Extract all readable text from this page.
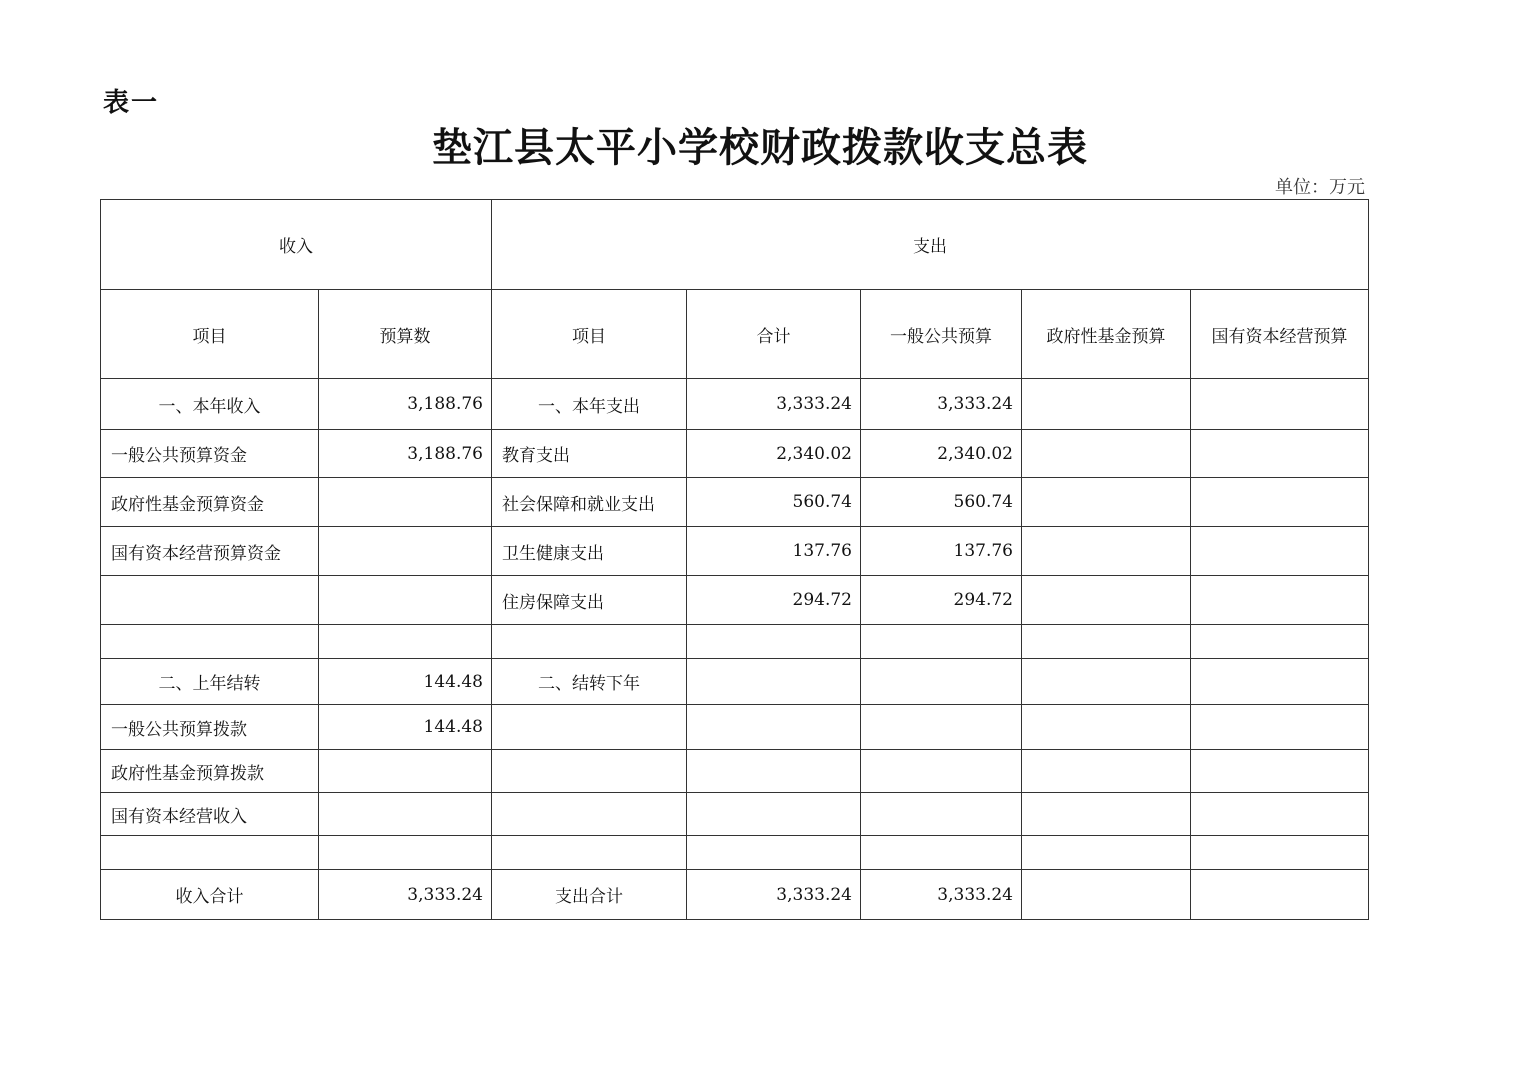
表一
垫江县太平小学校财政拨款收支总表
单位：万元
收入		支出				
项目	预算数	项目	合计	一般公共预算	政府性基金预算	国有资本经营预算
一、本年收入	3,188.76	一、本年支出	3,333.24	3,333.24		
一般公共预算资金	3,188.76	教育支出	2,340.02	2,340.02		
政府性基金预算资金		社会保障和就业支出	560.74	560.74		
国有资本经营预算资金		卫生健康支出	137.76	137.76		
		住房保障支出	294.72	294.72		

二、上年结转	144.48	二、结转下年				
一般公共预算拨款	144.48					
政府性基金预算拨款						
国有资本经营收入						

收入合计	3,333.24	支出合计	3,333.24	3,333.24		
